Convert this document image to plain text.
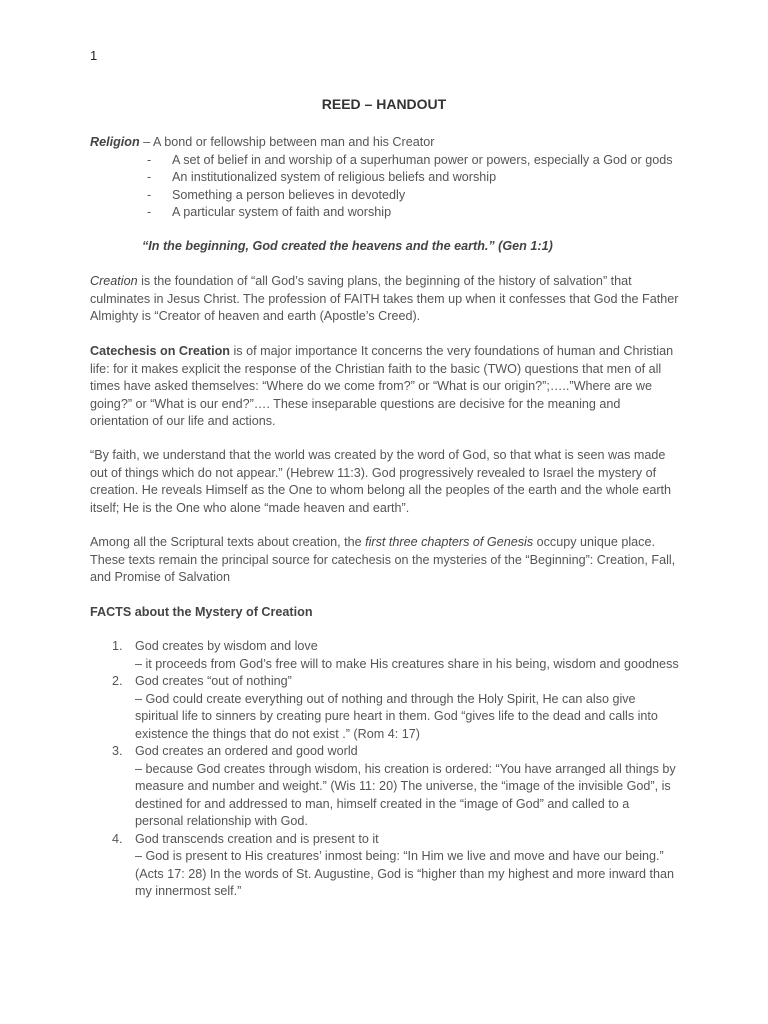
1
REED – HANDOUT

Religion – A bond or fellowship between man and his Creator

- A set of belief in and worship of a superhuman power or powers, especially a God or gods
- An institutionalized system of religious beliefs and worship
- Something a person believes in devotedly
- A particular system of faith and worship
“In the beginning, God created the heavens and the earth.” (Gen 1:1)

Creation is the foundation of “all God’s saving plans, the beginning of the history of salvation” that culminates in Jesus Christ. The profession of FAITH takes them up when it confesses that God the Father Almighty is “Creator of heaven and earth (Apostle’s Creed).

Catechesis on Creation is of major importance It concerns the very foundations of human and Christian life: for it makes explicit the response of the Christian faith to the basic (TWO) questions that men of all times have asked themselves: “Where do we come from?” or “What is our origin?”;…..”Where are we going?” or “What is our end?”…. These inseparable questions are decisive for the meaning and orientation of our life and actions.

“By faith, we understand that the world was created by the word of God, so that what is seen was made out of things which do not appear.” (Hebrew 11:3). God progressively revealed to Israel the mystery of creation. He reveals Himself as the One to whom belong all the peoples of the earth and the whole earth itself; He is the One who alone “made heaven and earth”.

Among all the Scriptural texts about creation, the first three chapters of Genesis occupy unique place. These texts remain the principal source for catechesis on the mysteries of the “Beginning”: Creation, Fall, and Promise of Salvation

FACTS about the Mystery of Creation
1. God creates by wisdom and love
– it proceeds from God’s free will to make His creatures share in his being, wisdom and goodness
2. God creates “out of nothing”
– God could create everything out of nothing and through the Holy Spirit, He can also give spiritual life to sinners by creating pure heart in them. God “gives life to the dead and calls into existence the things that do not exist .” (Rom 4: 17)
3. God creates an ordered and good world
– because God creates through wisdom, his creation is ordered: “You have arranged all things by measure and number and weight.” (Wis 11: 20) The universe, the “image of the invisible God”, is destined for and addressed to man, himself created in the “image of God” and called to a personal relationship with God.
4. God transcends creation and is present to it
– God is present to His creatures’ inmost being: “In Him we live and move and have our being.” (Acts 17: 28) In the words of St. Augustine, God is “higher than my highest and more inward than my innermost self.”
